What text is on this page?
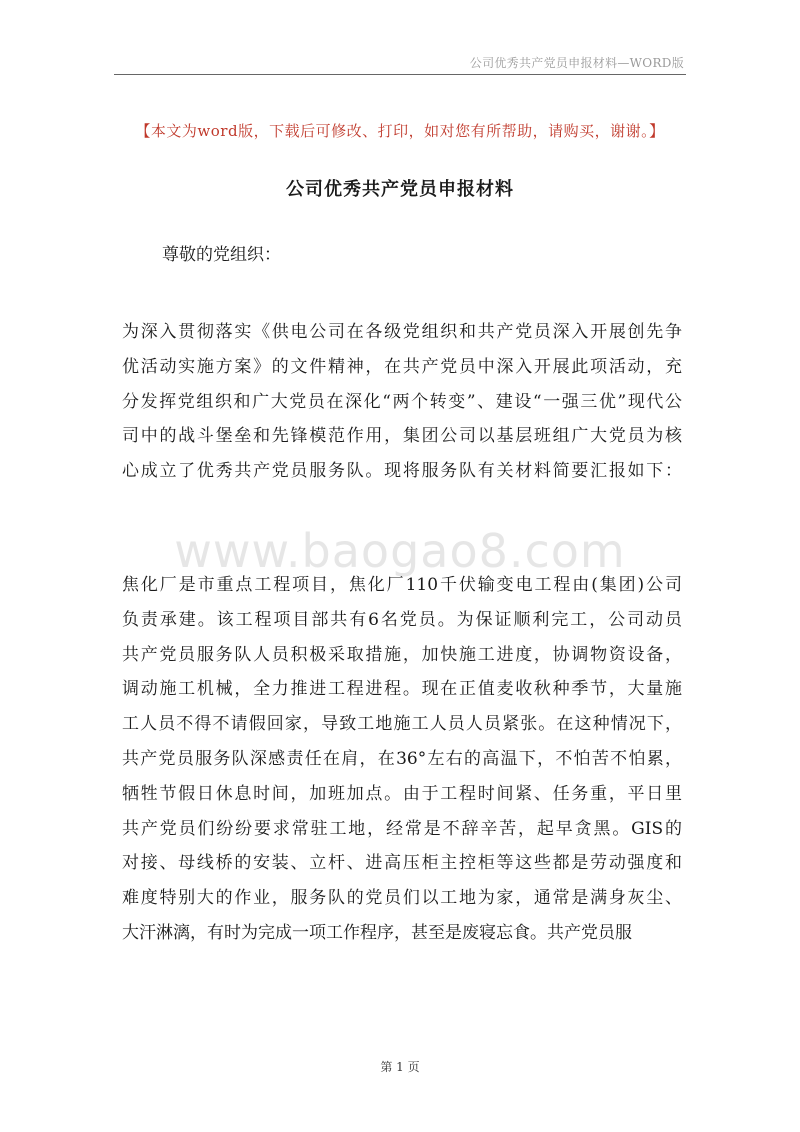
公司优秀共产党员申报材料—WORD版
【本文为word版，下载后可修改、打印，如对您有所帮助，请购买，谢谢。】
公司优秀共产党员申报材料
尊敬的党组织：
为深入贯彻落实《供电公司在各级党组织和共产党员深入开展创先争
优活动实施方案》的文件精神，在共产党员中深入开展此项活动，充
分发挥党组织和广大党员在深化“两个转变”、建设“一强三优”现代公
司中的战斗堡垒和先锋模范作用，集团公司以基层班组广大党员为核
心成立了优秀共产党员服务队。现将服务队有关材料简要汇报如下：
www.baogao8.com
焦化厂是市重点工程项目，焦化厂110千伏输变电工程由(集团)公司
负责承建。该工程项目部共有6名党员。为保证顺利完工，公司动员
共产党员服务队人员积极采取措施，加快施工进度，协调物资设备，
调动施工机械，全力推进工程进程。现在正值麦收秋种季节，大量施
工人员不得不请假回家，导致工地施工人员人员紧张。在这种情况下，
共产党员服务队深感责任在肩，在36°左右的高温下，不怕苦不怕累，
牺牲节假日休息时间，加班加点。由于工程时间紧、任务重，平日里
共产党员们纷纷要求常驻工地，经常是不辞辛苦，起早贪黑。GIS的
对接、母线桥的安装、立杆、进高压柜主控柜等这些都是劳动强度和
难度特别大的作业，服务队的党员们以工地为家，通常是满身灰尘、
大汗淋漓，有时为完成一项工作程序，甚至是废寝忘食。共产党员服
第 1 页
